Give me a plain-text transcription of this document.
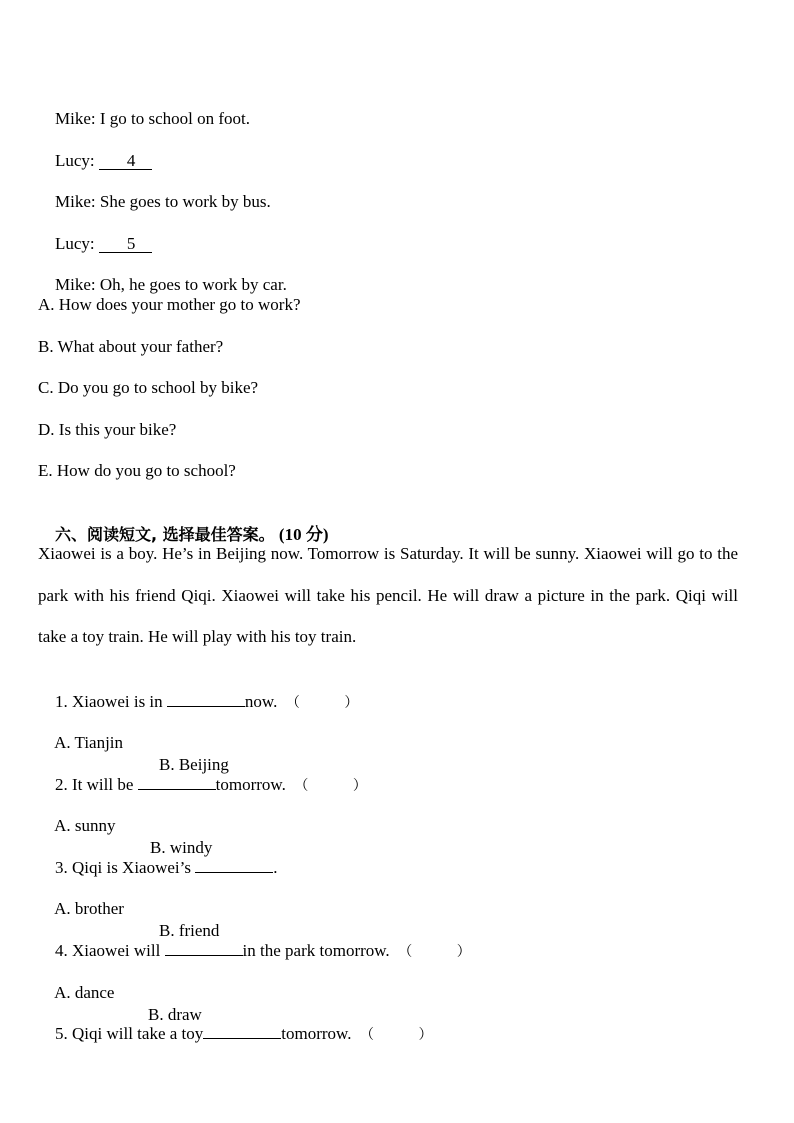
Mike: I go to school on foot.

Lucy: 4

Mike: She goes to work by bus.

Lucy: 5

Mike: Oh, he goes to work by car.

A. How does your mother go to work?
B. What about your father?
C. Do you go to school by bike?
D. Is this your bike?
E. How do you go to school?

六、阅读短文, 选择最佳答案。 (10 分)

Xiaowei is a boy. He’s in Beijing now. Tomorrow is Saturday. It will be sunny. Xiaowei will go to the park with his friend Qiqi. Xiaowei will take his pencil. He will draw a picture in the park. Qiqi will take a toy train. He will play with his toy train.

1. Xiaowei is in	now. （          ）

A. Tianjin

B. Beijing

2. It will be	tomorrow. （          ）

A. sunny

B. windy

3. Qiqi is Xiaowei’s	.

A. brother

B. friend

4. Xiaowei will	in the park tomorrow. （          ）

A. dance

B. draw

5. Qiqi will take a toy	tomorrow. （          ）
